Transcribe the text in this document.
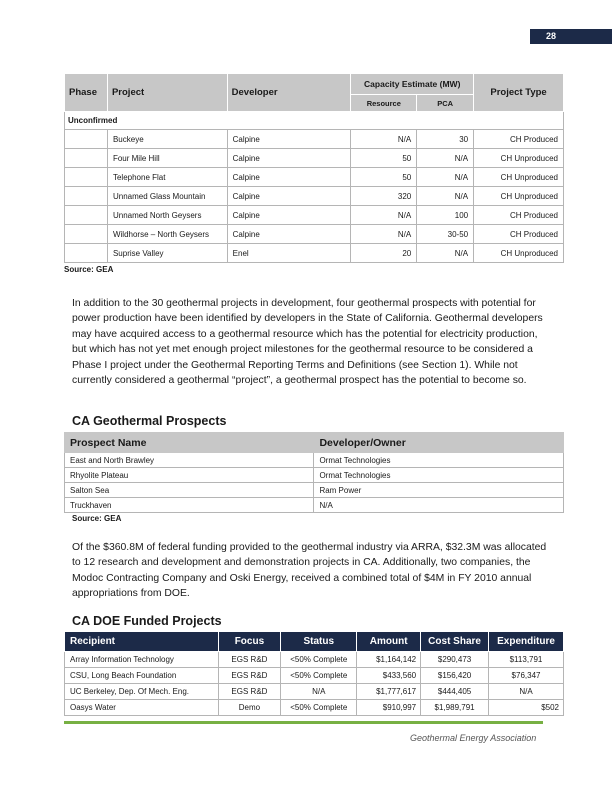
28
Phase	Project	Developer	Capacity Estimate (MW)		Project Type
			Resource	PCA	
Unconfirmed					
	Buckeye	Calpine	N/A	30	CH Produced
	Four Mile Hill	Calpine	50	N/A	CH Unproduced
	Telephone Flat	Calpine	50	N/A	CH Unproduced
	Unnamed Glass Mountain	Calpine	320	N/A	CH Unproduced
	Unnamed North Geysers	Calpine	N/A	100	CH Produced
	Wildhorse – North Geysers	Calpine	N/A	30-50	CH Produced
	Suprise Valley	Enel	20	N/A	CH Unproduced
Source: GEA

In addition to the 30 geothermal projects in development, four geothermal prospects with potential for power production have been identified by developers in the State of California. Geothermal developers may have acquired access to a geothermal resource which has the potential for electricity production, but which has not yet met enough project milestones for the geothermal resource to be considered a Phase I project under the Geothermal Reporting Terms and Definitions (see Section 1). While not currently considered a geothermal “project”, a geothermal prospect has the potential to become so.

CA Geothermal Prospects
Prospect Name	Developer/Owner
East and North Brawley	Ormat Technologies
Rhyolite Plateau	Ormat Technologies
Salton Sea	Ram Power
Truckhaven	N/A
Source: GEA

Of the $360.8M of federal funding provided to the geothermal industry via ARRA, $32.3M was allocated to 12 research and development and demonstration projects in CA. Additionally, two companies, the Modoc Contracting Company and Oski Energy, received a combined total of $4M in FY 2010 annual appropriations from DOE.

CA DOE Funded Projects
Recipient	Focus	Status	Amount	Cost Share	Expenditure
Array Information Technology	EGS R&D	<50% Complete	$1,164,142	$290,473	$113,791
CSU, Long Beach Foundation	EGS R&D	<50% Complete	$433,560	$156,420	$76,347
UC Berkeley, Dep. Of Mech. Eng.	EGS R&D	N/A	$1,777,617	$444,405	N/A
Oasys Water	Demo	<50% Complete	$910,997	$1,989,791	$502
Geothermal Energy Association
